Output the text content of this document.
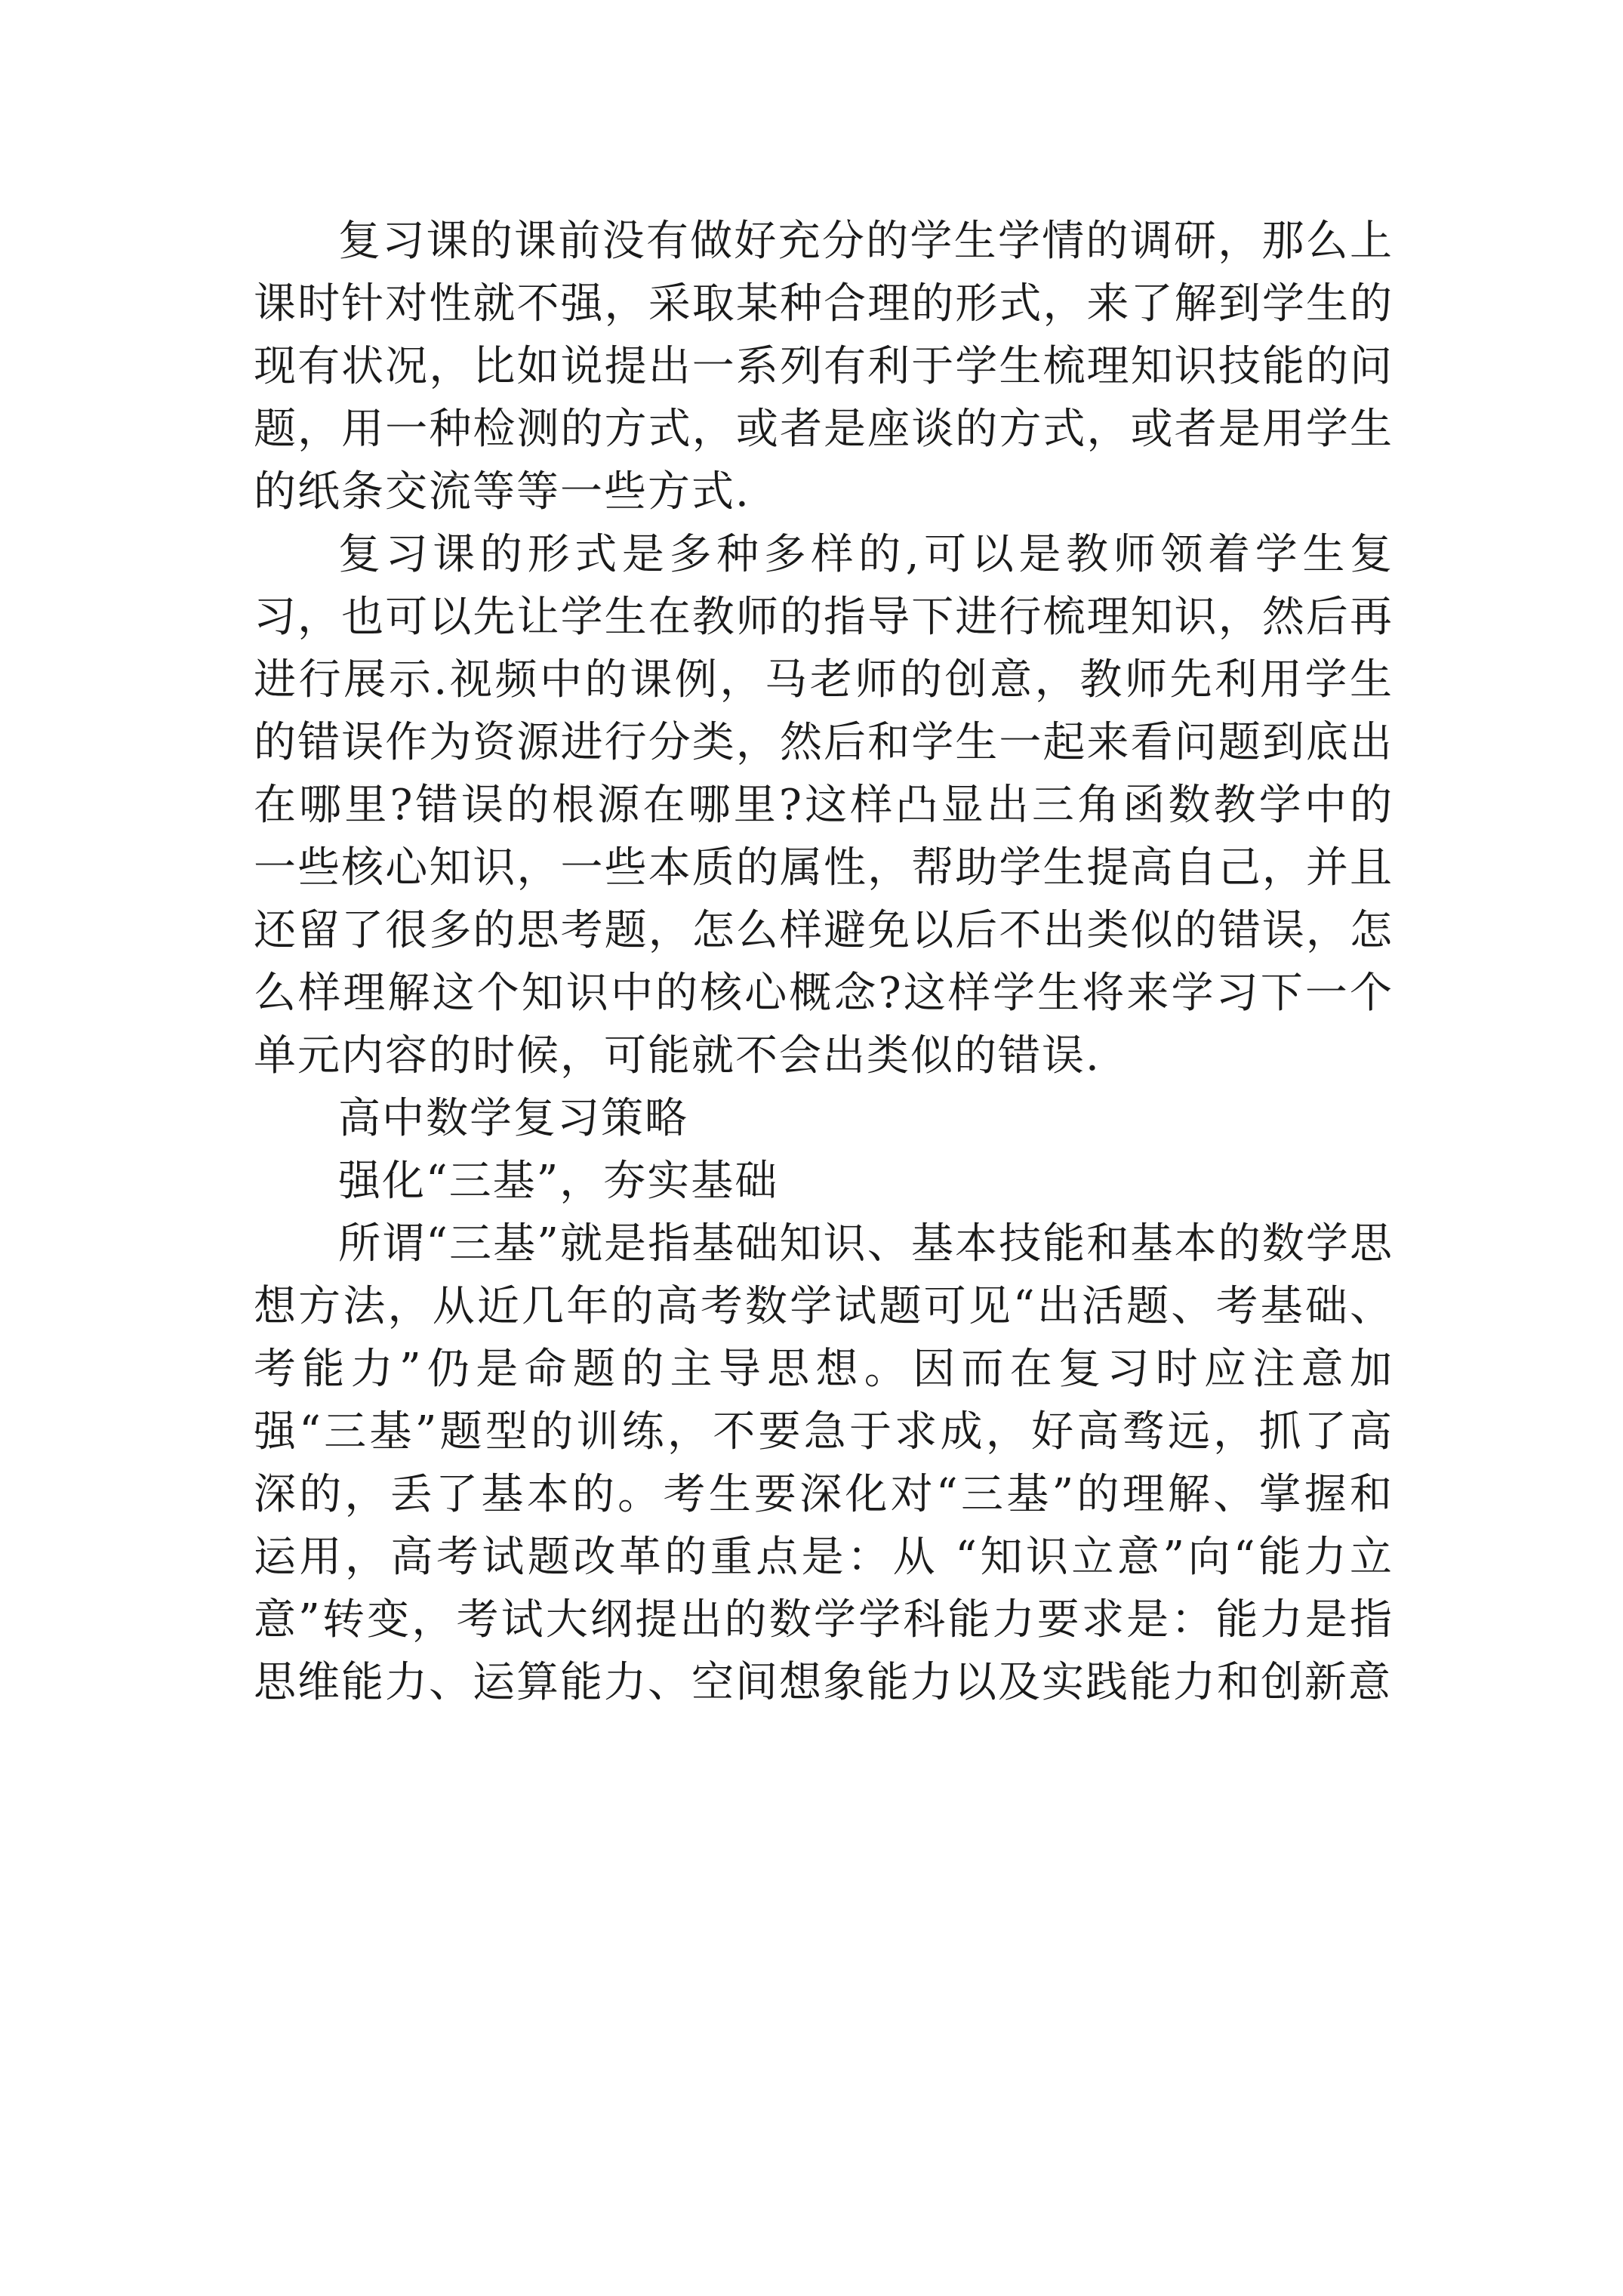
复习课的课前没有做好充分的学生学情的调研，那么上课时针对性就不强，采取某种合理的形式，来了解到学生的现有状况，比如说提出一系列有利于学生梳理知识技能的问题，用一种检测的方式，或者是座谈的方式，或者是用学生的纸条交流等等一些方式.

复习课的形式是多种多样的,可以是教师领着学生复习，也可以先让学生在教师的指导下进行梳理知识，然后再进行展示.视频中的课例，马老师的创意，教师先利用学生的错误作为资源进行分类，然后和学生一起来看问题到底出在哪里?错误的根源在哪里?这样凸显出三角函数教学中的一些核心知识，一些本质的属性，帮助学生提高自己，并且还留了很多的思考题，怎么样避免以后不出类似的错误，怎么样理解这个知识中的核心概念?这样学生将来学习下一个单元内容的时候，可能就不会出类似的错误.

高中数学复习策略

强化“三基”，夯实基础

所谓“三基”就是指基础知识、基本技能和基本的数学思想方法，从近几年的高考数学试题可见“出活题、考基础、考能力”仍是命题的主导思想。因而在复习时应注意加强“三基”题型的训练，不要急于求成，好高骛远，抓了高深的，丢了基本的。考生要深化对“三基”的理解、掌握和运用，高考试题改革的重点是：从 “知识立意”向“能力立意”转变，考试大纲提出的数学学科能力要求是：能力是指思维能力、运算能力、空间想象能力以及实践能力和创新意
